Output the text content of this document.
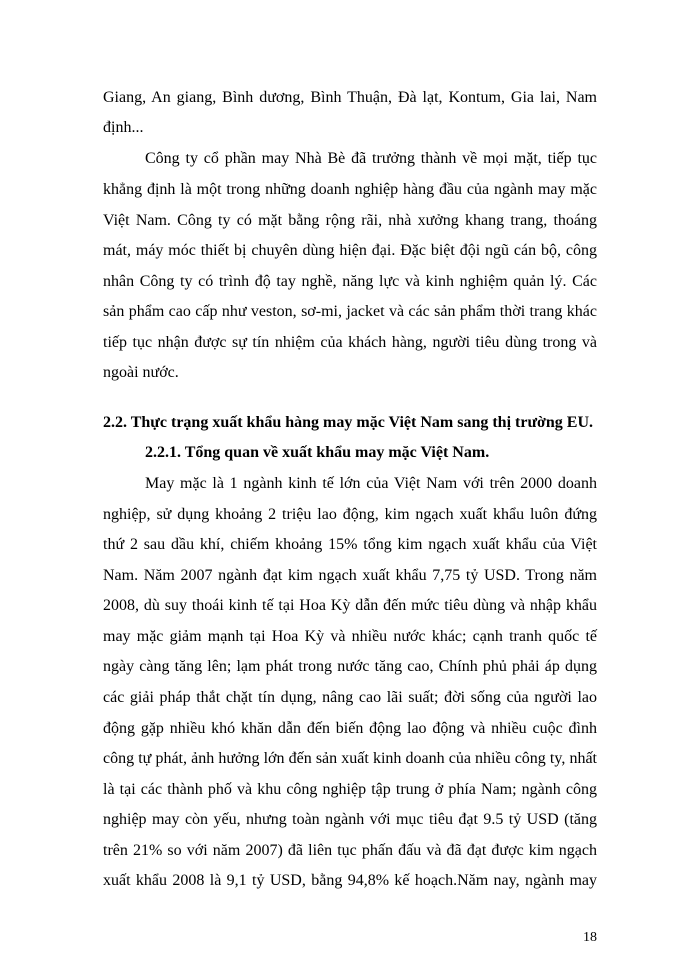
Giang, An giang, Bình dương, Bình Thuận, Đà lạt, Kontum, Gia lai, Nam
định...
Công ty cổ phần may Nhà Bè đã trưởng thành về mọi mặt, tiếp tục
khẳng định là một trong những doanh nghiệp hàng đầu của ngành may mặc
Việt Nam. Công ty có mặt bằng rộng rãi, nhà xưởng khang trang, thoáng
mát, máy móc thiết bị chuyên dùng hiện đại. Đặc biệt đội ngũ cán bộ, công
nhân Công ty có trình độ tay nghề, năng lực và kinh nghiệm quản lý. Các
sản phẩm cao cấp như veston, sơ-mi, jacket và các sản phẩm thời trang khác
tiếp tục nhận được sự tín nhiệm của khách hàng, người tiêu dùng trong và
ngoài nước.
2.2. Thực trạng xuất khẩu hàng may mặc Việt Nam sang thị trường EU.
2.2.1. Tổng quan về xuất khẩu may mặc Việt Nam.
May mặc là 1 ngành kinh tế lớn của Việt Nam với trên 2000 doanh
nghiệp, sử dụng khoảng 2 triệu lao động, kim ngạch xuất khẩu luôn đứng
thứ 2 sau dầu khí, chiếm khoảng 15% tổng kim ngạch xuất khẩu của Việt
Nam. Năm 2007 ngành đạt kim ngạch xuất khẩu 7,75 tỷ USD. Trong năm
2008, dù suy thoái kinh tế tại Hoa Kỳ dẫn đến mức tiêu dùng và nhập khẩu
may mặc giảm mạnh tại Hoa Kỳ và nhiều nước khác; cạnh tranh quốc tế
ngày càng tăng lên; lạm phát trong nước tăng cao, Chính phủ phải áp dụng
các giải pháp thắt chặt tín dụng, nâng cao lãi suất; đời sống của người lao
động gặp nhiều khó khăn dẫn đến biến động lao động và nhiều cuộc đình
công tự phát, ảnh hưởng lớn đến sản xuất kinh doanh của nhiều công ty, nhất
là tại các thành phố và khu công nghiệp tập trung ở phía Nam; ngành công
nghiệp may còn yếu, nhưng toàn ngành với mục tiêu đạt 9.5 tỷ USD (tăng
trên 21% so với năm 2007) đã liên tục phấn đấu và đã đạt được kim ngạch
xuất khẩu 2008 là 9,1 tỷ USD, bằng 94,8% kế hoạch.Năm nay, ngành may
18
